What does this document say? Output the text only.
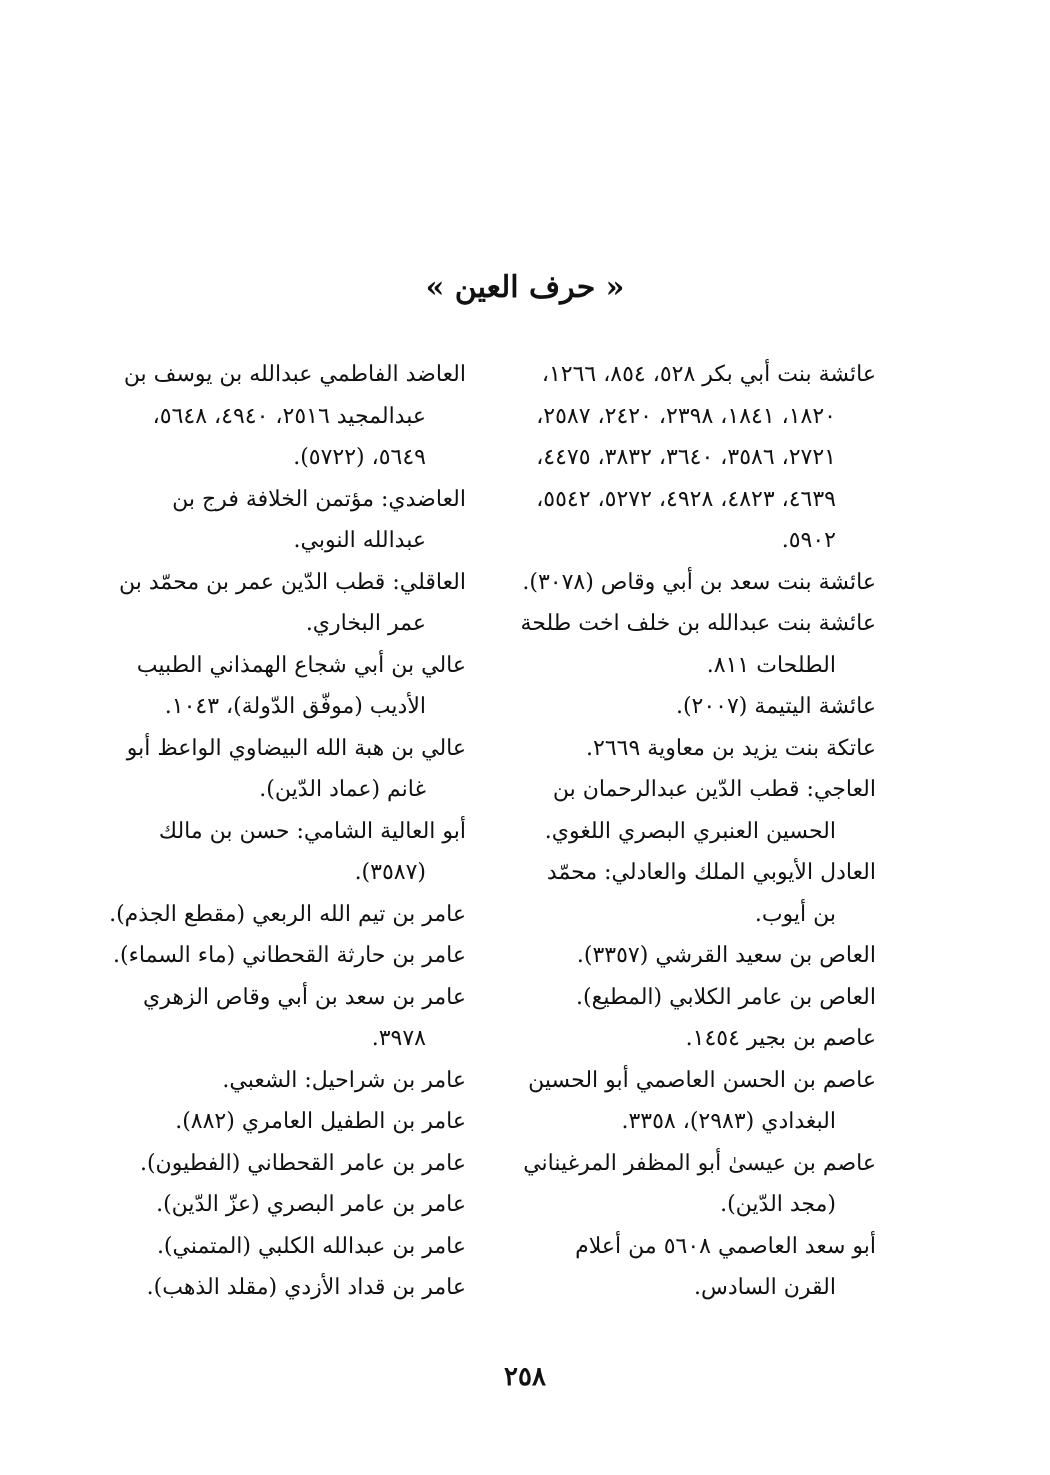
« حرف العين »
عائشة بنت أبي بكر ٥٢٨، ٨٥٤، ١٢٦٦، ١٨٢٠، ١٨٤١، ٢٣٩٨، ٢٤٢٠، ٢٥٨٧، ٢٧٢١، ٣٥٨٦، ٣٦٤٠، ٣٨٣٢، ٤٤٧٥، ٤٦٣٩، ٤٨٢٣، ٤٩٢٨، ٥٢٧٢، ٥٥٤٢، ٥٩٠٢.
عائشة بنت سعد بن أبي وقاص (٣٠٧٨).
عائشة بنت عبدالله بن خلف اخت طلحة الطلحات ٨١١.
عائشة اليتيمة (٢٠٠٧).
عاتكة بنت يزيد بن معاوية ٢٦٦٩.
العاجي: قطب الدّين عبدالرحمان بن الحسين العنبري البصري اللغوي.
العادل الأيوبي الملك والعادلي: محمّد بن أيوب.
العاص بن سعيد القرشي (٣٣٥٧).
العاص بن عامر الكلابي (المطيع).
عاصم بن بجير ١٤٥٤.
عاصم بن الحسن العاصمي أبو الحسين البغدادي (٢٩٨٣)، ٣٣٥٨.
عاصم بن عيسىٰ أبو المظفر المرغيناني (مجد الدّين).
أبو سعد العاصمي ٥٦٠٨ من أعلام القرن السادس.
العاضد الفاطمي عبدالله بن يوسف بن عبدالمجيد ٢٥١٦، ٤٩٤٠، ٥٦٤٨، ٥٦٤٩، (٥٧٢٢).
العاضدي: مؤتمن الخلافة فرج بن عبدالله النوبي.
العاقلي: قطب الدّين عمر بن محمّد بن عمر البخاري.
عالي بن أبي شجاع الهمذاني الطبيب الأديب (موفّق الدّولة)، ١٠٤٣.
عالي بن هبة الله البيضاوي الواعظ أبو غانم (عماد الدّين).
أبو العالية الشامي: حسن بن مالك (٣٥٨٧).
عامر بن تيم الله الربعي (مقطع الجذم).
عامر بن حارثة القحطاني (ماء السماء).
عامر بن سعد بن أبي وقاص الزهري ٣٩٧٨.
عامر بن شراحيل: الشعبي.
عامر بن الطفيل العامري (٨٨٢).
عامر بن عامر القحطاني (الفطيون).
عامر بن عامر البصري (عزّ الدّين).
عامر بن عبدالله الكلبي (المتمني).
عامر بن قداد الأزدي (مقلد الذهب).
٢٥٨
